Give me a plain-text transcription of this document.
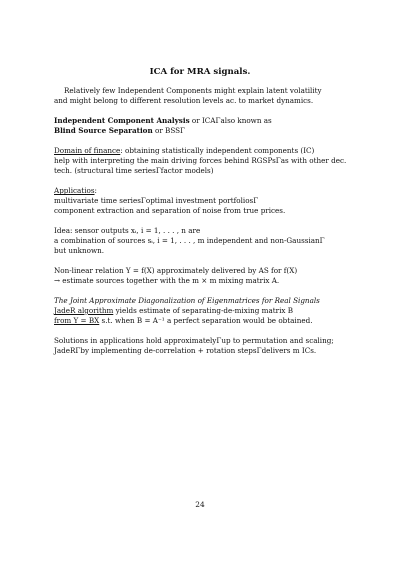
ICA for MRA signals.
Relatively few Independent Components might explain latent volatility
and might belong to different resolution levels ac. to market dynamics.
Independent Component Analysis or ICAΓalso known as
Blind Source Separation or BSSΓ
Domain of finance: obtaining statistically independent components (IC)
help with interpreting the main driving forces behind RGSPsΓas with other dec.
tech. (structural time seriesΓfactor models)
Applicatios:
multivariate time seriesΓoptimal investment portfoliosΓ
component extraction and separation of noise from true prices.
Idea: sensor outputs xᵢ, i = 1, . . . , n are
a combination of sources sᵢ, i = 1, . . . , m independent and non-GaussianΓ
but unknown.
Non-linear relation Y = f(X) approximately delivered by AS for f(X)
→ estimate sources together with the m × m mixing matrix A.
The Joint Approximate Diagonalization of Eigenmatrices for Real Signals
JadeR algorithm yields estimate of separating-de-mixing matrix B
from Y = BX s.t. when B = A⁻¹ a perfect separation would be obtained.
Solutions in applications hold approximatelyΓup to permutation and scaling;
JadeRΓby implementing de-correlation + rotation stepsΓdelivers m ICs.
24
